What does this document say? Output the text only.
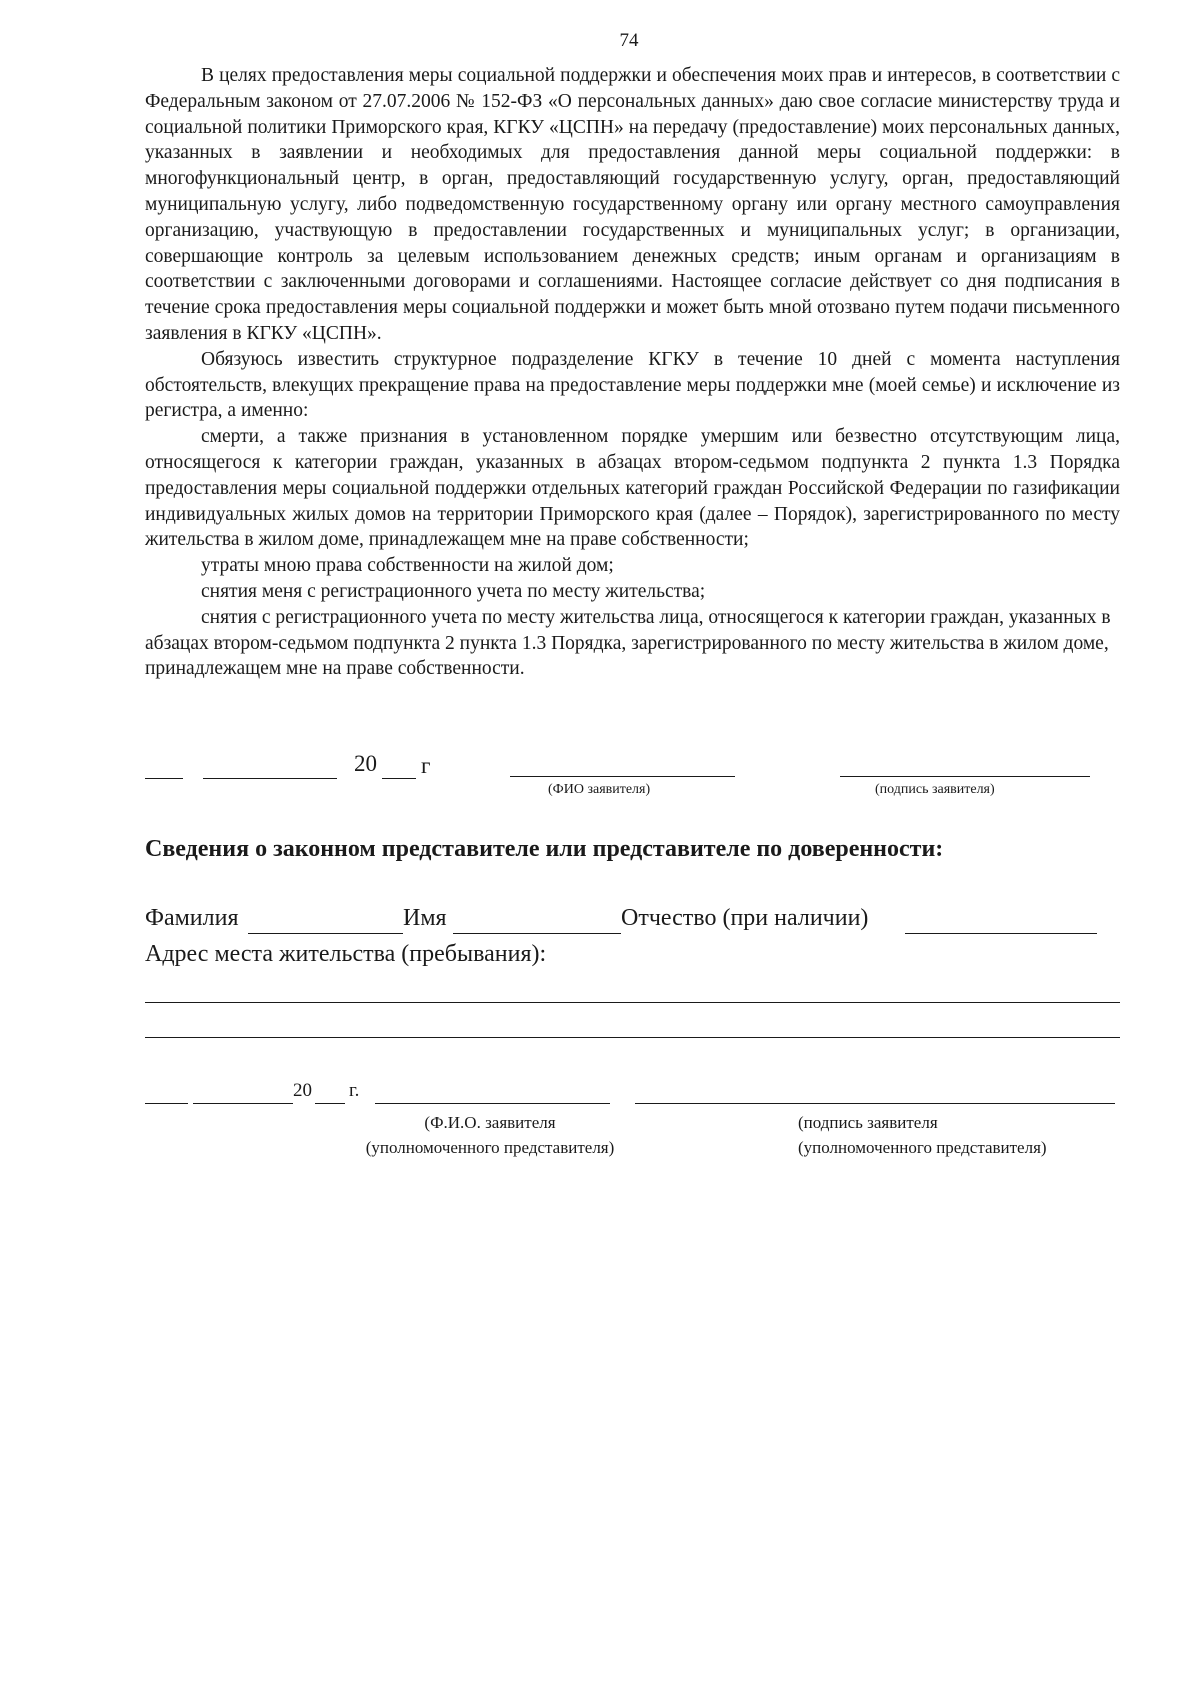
74

В целях предоставления меры социальной поддержки и обеспечения моих прав и интересов, в соответствии с Федеральным законом от 27.07.2006 № 152-ФЗ «О персональных данных» даю свое согласие министерству труда и социальной политики Приморского края, КГКУ «ЦСПН» на передачу (предоставление) моих персональных данных, указанных в заявлении и необходимых для предоставления данной меры социальной поддержки: в многофункциональный центр, в орган, предоставляющий государственную услугу, орган, предоставляющий муниципальную услугу, либо подведомственную государственному органу или органу местного самоуправления организацию, участвующую в предоставлении государственных и муниципальных услуг; в организации, совершающие контроль за целевым использованием денежных средств; иным органам и организациям в соответствии с заключенными договорами и соглашениями. Настоящее согласие действует со дня подписания в течение срока предоставления меры социальной поддержки и может быть мной отозвано путем подачи письменного заявления в КГКУ «ЦСПН».

Обязуюсь известить структурное подразделение КГКУ в течение 10 дней с момента наступления обстоятельств, влекущих прекращение права на предоставление меры поддержки мне (моей семье) и исключение из регистра, а именно:

смерти, а также признания в установленном порядке умершим или безвестно отсутствующим лица, относящегося к категории граждан, указанных в абзацах втором-седьмом подпункта 2 пункта 1.3 Порядка предоставления меры социальной поддержки отдельных категорий граждан Российской Федерации по газификации индивидуальных жилых домов на территории Приморского края (далее – Порядок), зарегистрированного по месту жительства в жилом доме, принадлежащем мне на праве собственности;

утраты мною права собственности на жилой дом;

снятия меня с регистрационного учета по месту жительства;

снятия с регистрационного учета по месту жительства лица, относящегося к категории граждан, указанных в абзацах втором-седьмом подпункта 2 пункта 1.3 Порядка, зарегистрированного по месту жительства в жилом доме, принадлежащем мне на праве собственности.

20 г
(ФИО заявителя)	(подпись заявителя)
Сведения о законном представителе или представителе по доверенности:
Фамилия	Имя	Отчество (при наличии)
Адрес места жительства (пребывания):
20 г.
(Ф.И.О. заявителя
(уполномоченного представителя)
(подпись заявителя
(уполномоченного представителя)
